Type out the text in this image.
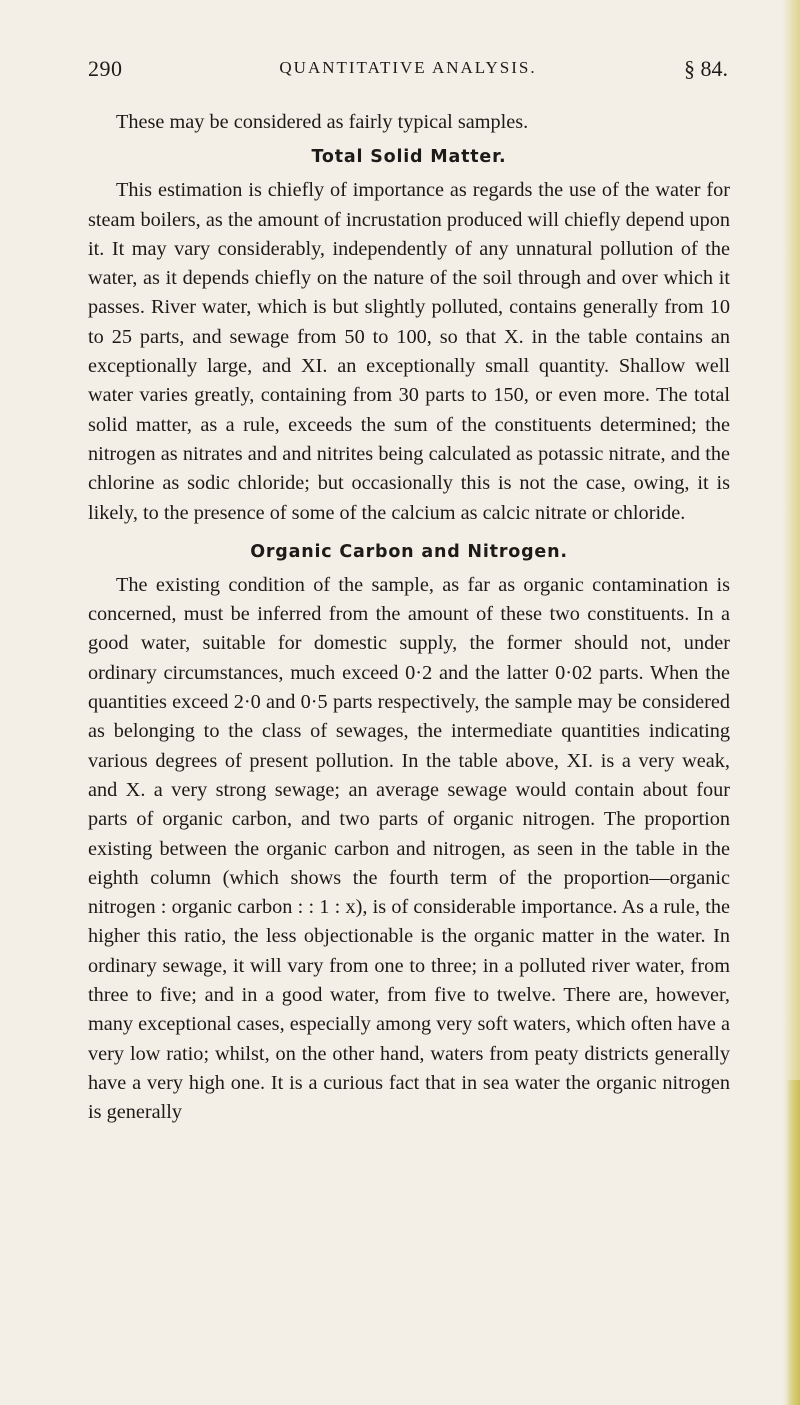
290	QUANTITATIVE ANALYSIS.	§ 84.

These may be considered as fairly typical samples.

Total Solid Matter.

This estimation is chiefly of importance as regards the use of the water for steam boilers, as the amount of incrustation produced will chiefly depend upon it. It may vary considerably, independently of any unnatural pollution of the water, as it depends chiefly on the nature of the soil through and over which it passes. River water, which is but slightly polluted, contains generally from 10 to 25 parts, and sewage from 50 to 100, so that X. in the table contains an exceptionally large, and XI. an exceptionally small quantity. Shallow well water varies greatly, containing from 30 parts to 150, or even more. The total solid matter, as a rule, exceeds the sum of the constituents determined; the nitrogen as nitrates and and nitrites being calculated as potassic nitrate, and the chlorine as sodic chloride; but occasionally this is not the case, owing, it is likely, to the presence of some of the calcium as calcic nitrate or chloride.

Organic Carbon and Nitrogen.

The existing condition of the sample, as far as organic contamination is concerned, must be inferred from the amount of these two constituents. In a good water, suitable for domestic supply, the former should not, under ordinary circumstances, much exceed 0·2 and the latter 0·02 parts. When the quantities exceed 2·0 and 0·5 parts respectively, the sample may be considered as belonging to the class of sewages, the intermediate quantities indicating various degrees of present pollution. In the table above, XI. is a very weak, and X. a very strong sewage; an average sewage would contain about four parts of organic carbon, and two parts of organic nitrogen. The proportion existing between the organic carbon and nitrogen, as seen in the table in the eighth column (which shows the fourth term of the proportion—organic nitrogen : organic carbon : : 1 : x), is of considerable importance. As a rule, the higher this ratio, the less objectionable is the organic matter in the water. In ordinary sewage, it will vary from one to three; in a polluted river water, from three to five; and in a good water, from five to twelve. There are, however, many exceptional cases, especially among very soft waters, which often have a very low ratio; whilst, on the other hand, waters from peaty districts generally have a very high one. It is a curious fact that in sea water the organic nitrogen is generally
